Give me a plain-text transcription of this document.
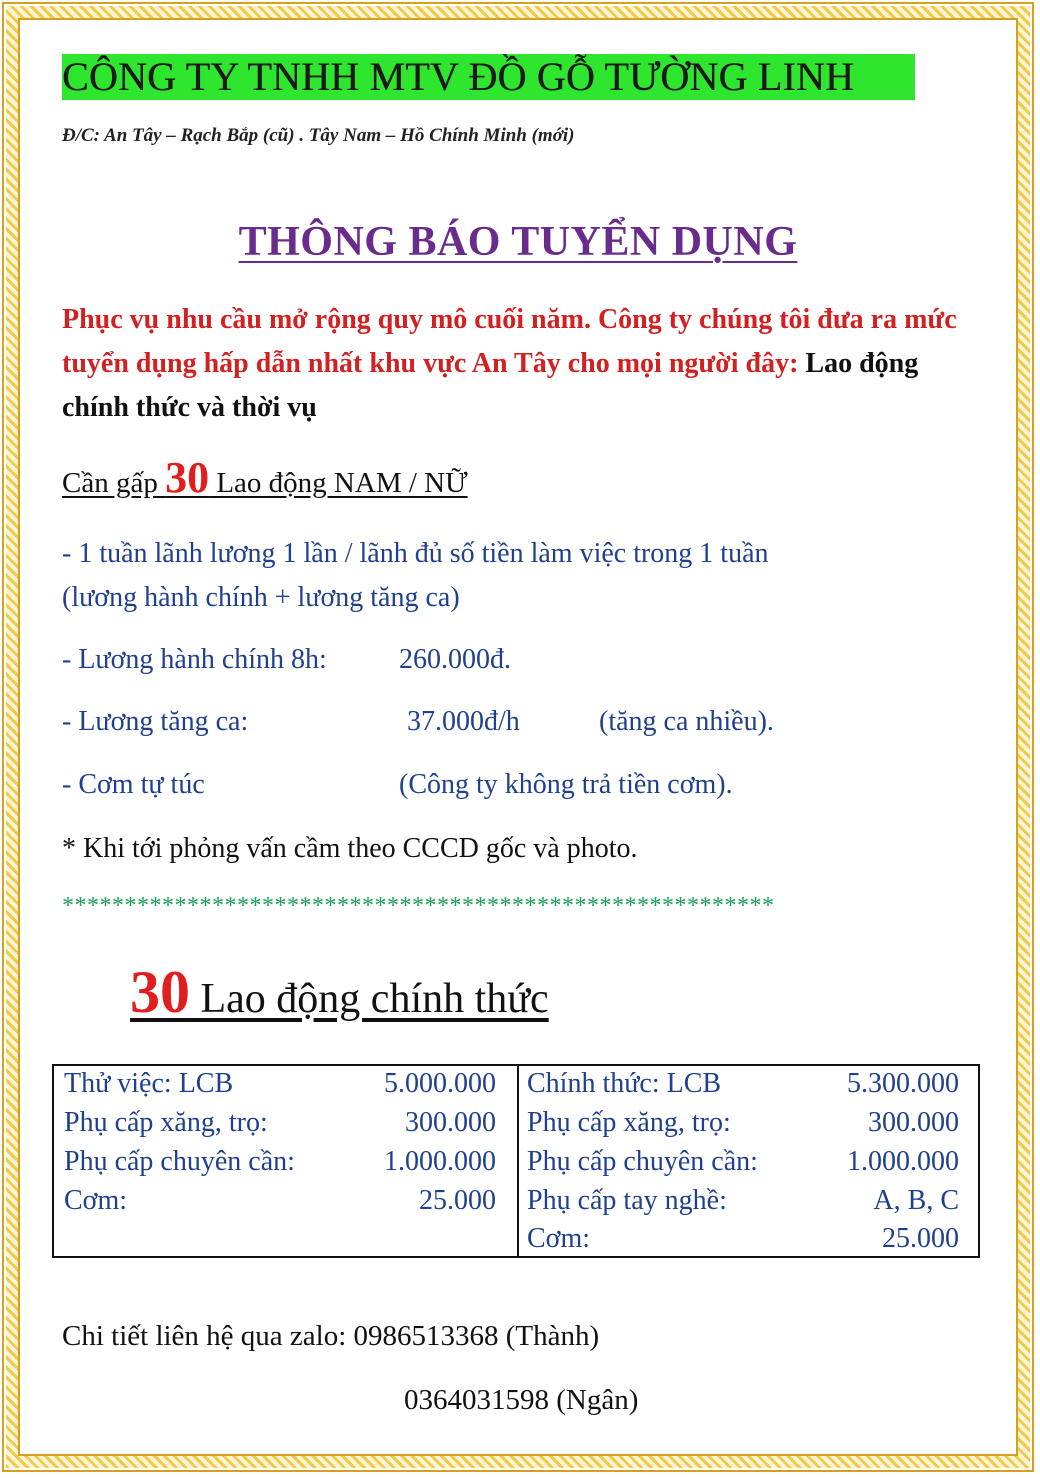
CÔNG TY TNHH MTV ĐỒ GỖ TƯỜNG LINH
Đ/C: An Tây – Rạch Bắp (cũ) . Tây Nam – Hồ Chính Minh (mới)
THÔNG BÁO TUYỂN DỤNG
Phục vụ nhu cầu mở rộng quy mô cuối năm. Công ty chúng tôi đưa ra mức tuyển dụng hấp dẫn nhất khu vực An Tây cho mọi người đây: Lao động chính thức và thời vụ
Cần gấp 30 Lao động NAM / NỮ
- 1 tuần lãnh lương 1 lần / lãnh đủ số tiền làm việc trong 1 tuần
(lương hành chính + lương tăng ca)
- Lương hành chính 8h:	260.000đ.
- Lương tăng ca:	37.000đ/h	(tăng ca nhiều).
- Cơm tự túc	(Công ty không trả tiền cơm).
* Khi tới phỏng vấn cầm theo CCCD gốc và photo.
*********************************************************
30 Lao động chính thức
Thử việc: LCB	5.000.000
Phụ cấp xăng, trọ:	300.000
Phụ cấp chuyên cần:	1.000.000
Cơm:	25.000
Chính thức: LCB	5.300.000
Phụ cấp xăng, trọ:	300.000
Phụ cấp chuyên cần:	1.000.000
Phụ cấp tay nghề:	A, B, C
Cơm:	25.000
Chi tiết liên hệ qua zalo: 0986513368 (Thành)
0364031598 (Ngân)
